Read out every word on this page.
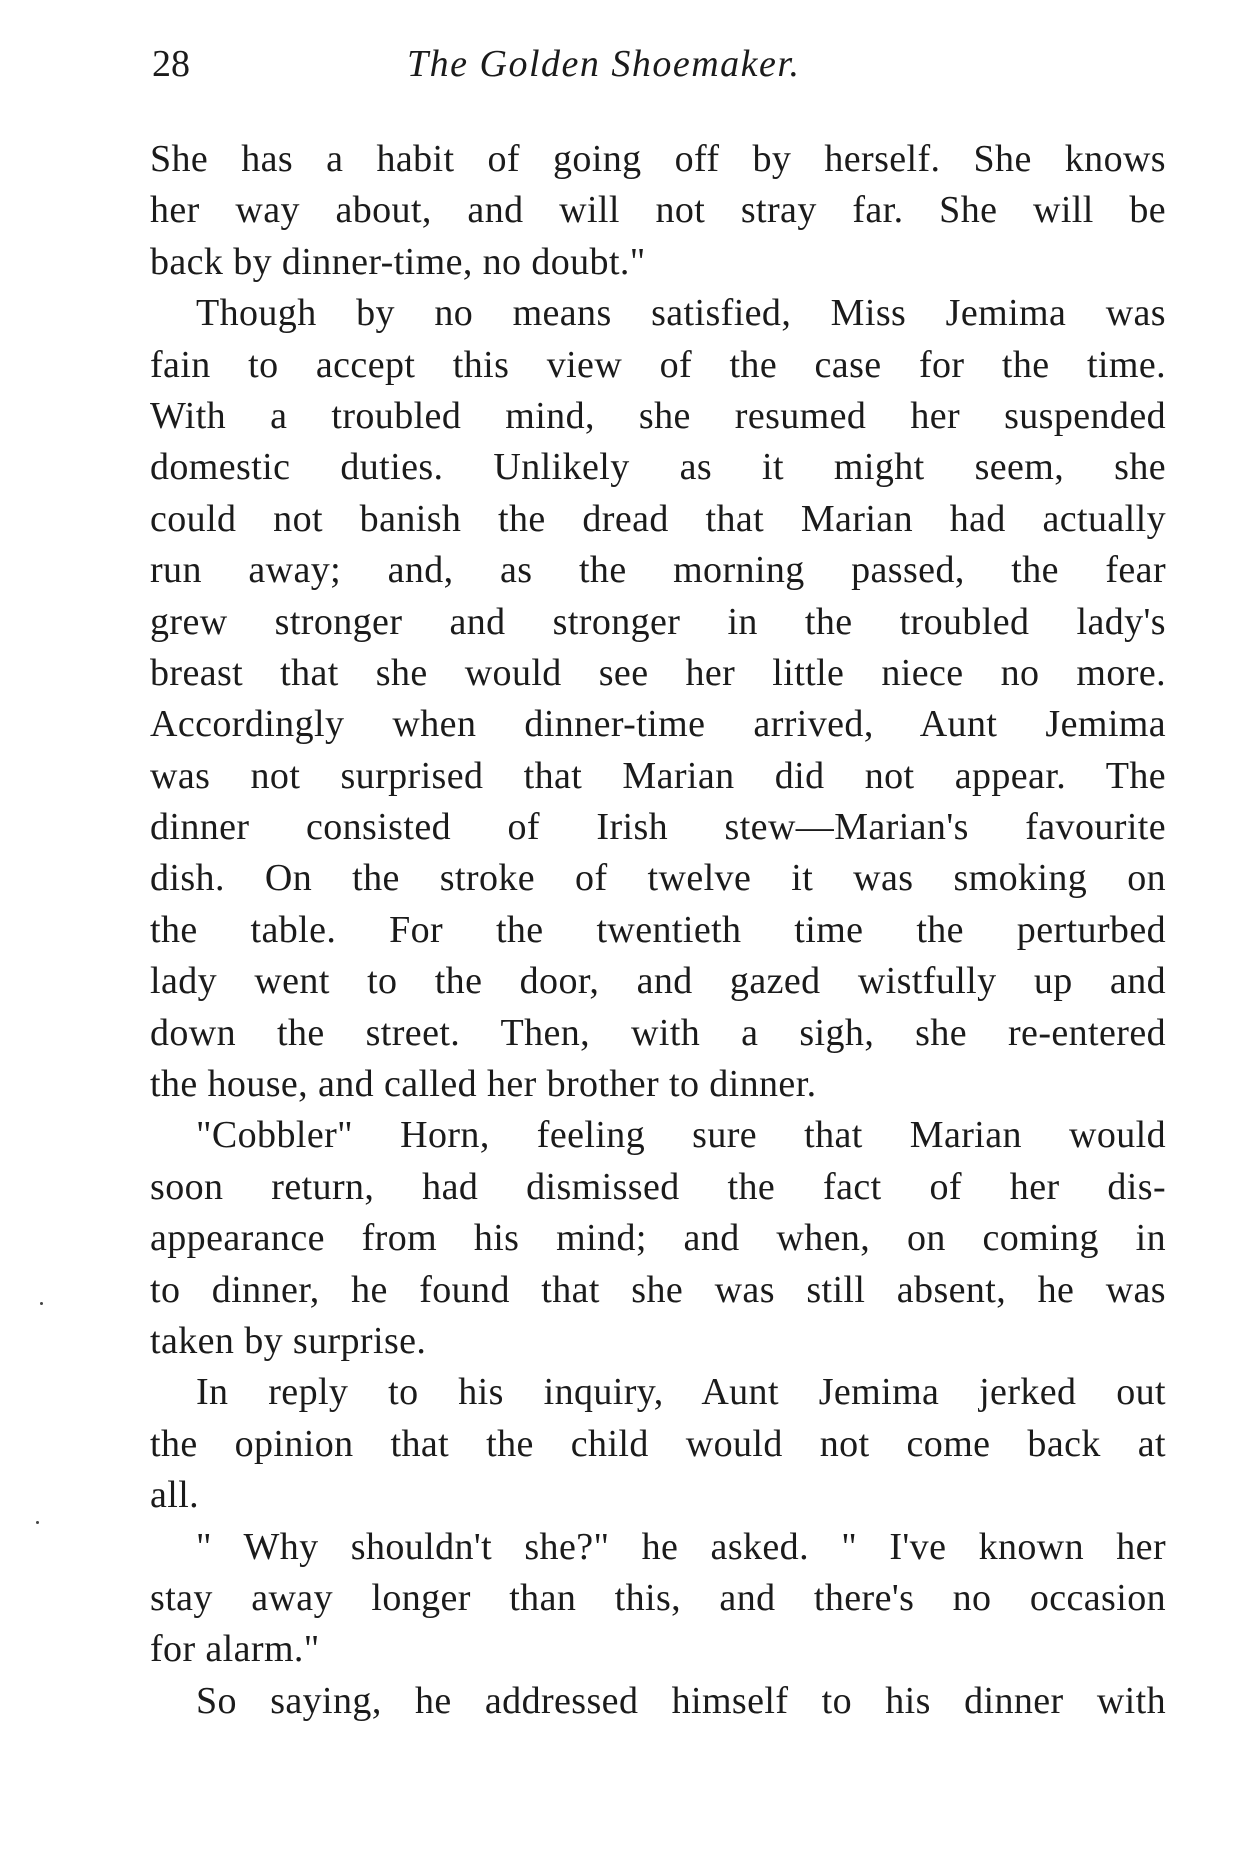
28	The Golden Shoemaker.
She has a habit of going off by herself. She knows
her way about, and will not stray far. She will be
back by dinner-time, no doubt."
Though by no means satisfied, Miss Jemima was
fain to accept this view of the case for the time.
With a troubled mind, she resumed her suspended
domestic duties. Unlikely as it might seem, she
could not banish the dread that Marian had actually
run away; and, as the morning passed, the fear
grew stronger and stronger in the troubled lady's
breast that she would see her little niece no more.
Accordingly when dinner-time arrived, Aunt Jemima
was not surprised that Marian did not appear. The
dinner consisted of Irish stew—Marian's favourite
dish. On the stroke of twelve it was smoking on
the table. For the twentieth time the perturbed
lady went to the door, and gazed wistfully up and
down the street. Then, with a sigh, she re-entered
the house, and called her brother to dinner.
"Cobbler" Horn, feeling sure that Marian would
soon return, had dismissed the fact of her dis-
appearance from his mind; and when, on coming in
to dinner, he found that she was still absent, he was
taken by surprise.
In reply to his inquiry, Aunt Jemima jerked out
the opinion that the child would not come back at
all.
" Why shouldn't she?" he asked. " I've known her
stay away longer than this, and there's no occasion
for alarm."
So saying, he addressed himself to his dinner with
